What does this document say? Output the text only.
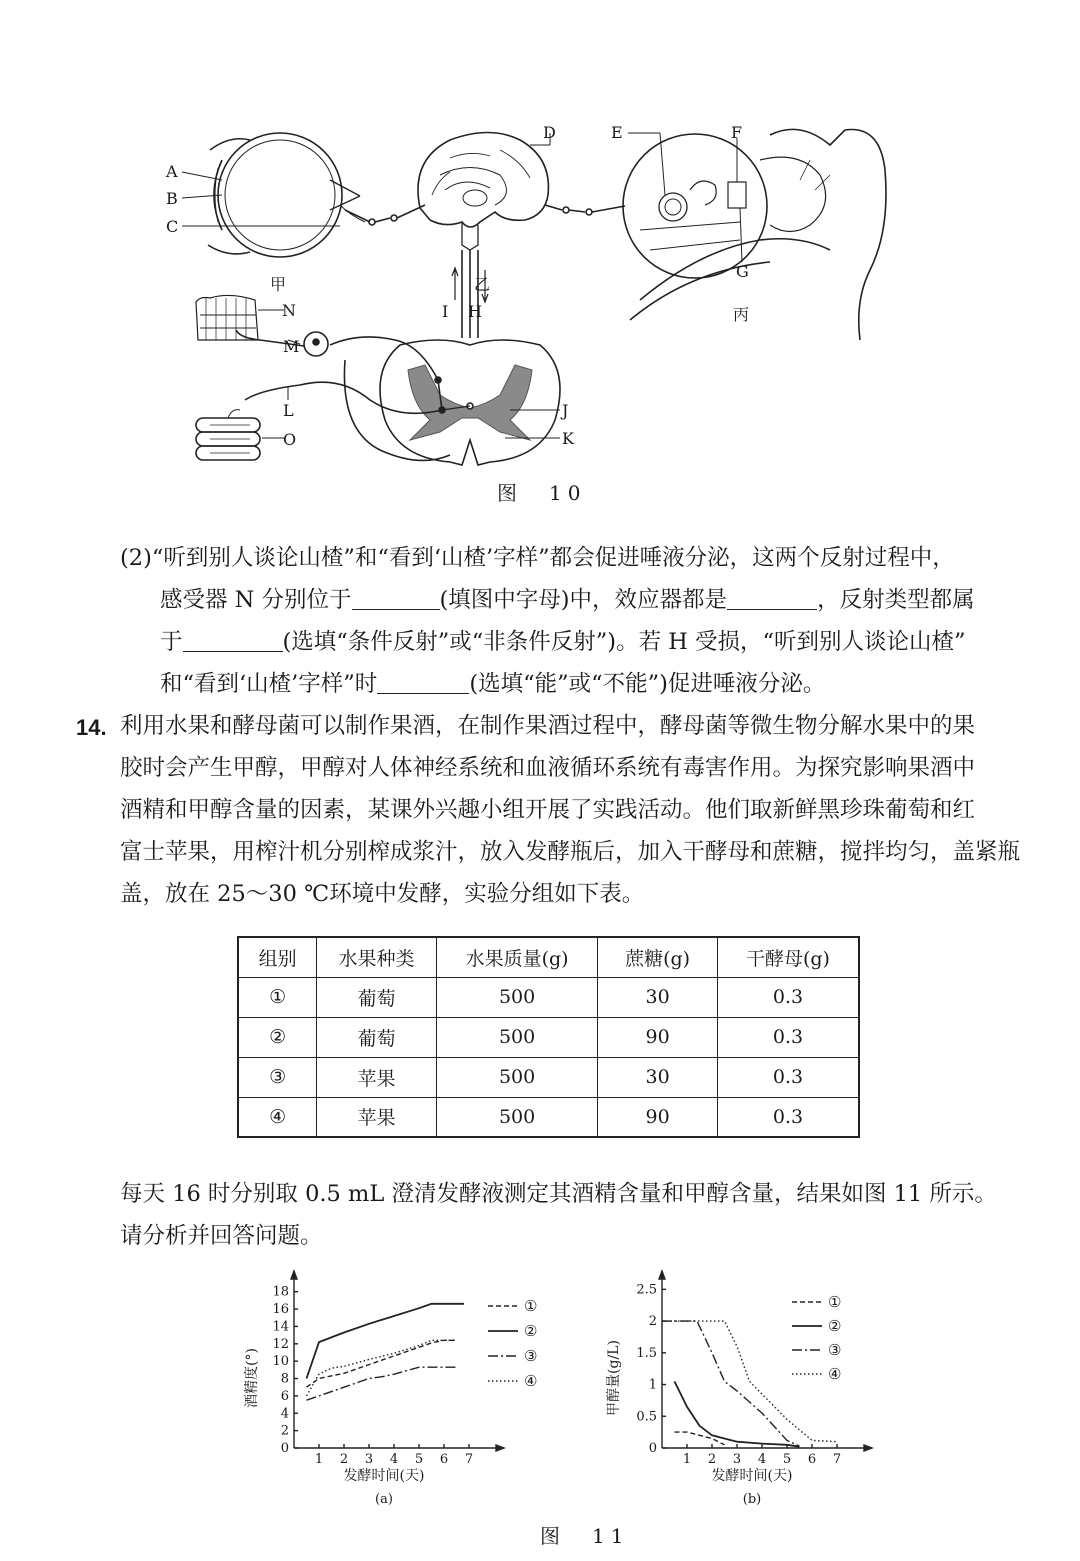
A
B
C
D	E	F
G
I H
乙
N
M
L
O
J
K
甲
丙
图　10
(2)“听到别人谈论山楂”和“看到‘山楂’字样”都会促进唾液分泌，这两个反射过程中，
感受器 N 分别位于	(填图中字母)中，效应器都是	，反射类型都属
于	(选填“条件反射”或“非条件反射”)。若 H 受损，“听到别人谈论山楂”
和“看到‘山楂’字样”时	(选填“能”或“不能”)促进唾液分泌。
14. 利用水果和酵母菌可以制作果酒，在制作果酒过程中，酵母菌等微生物分解水果中的果
胶时会产生甲醇，甲醇对人体神经系统和血液循环系统有毒害作用。为探究影响果酒中
酒精和甲醇含量的因素，某课外兴趣小组开展了实践活动。他们取新鲜黑珍珠葡萄和红
富士苹果，用榨汁机分别榨成浆汁，放入发酵瓶后，加入干酵母和蔗糖，搅拌均匀，盖紧瓶
盖，放在 25～30 ℃环境中发酵，实验分组如下表。
组别	水果种类	水果质量(g)	蔗糖(g)	干酵母(g)
①	葡萄	500	30	0.3
②	葡萄	500	90	0.3
③	苹果	500	30	0.3
④	苹果	500	90	0.3
每天 16 时分别取 0.5 mL 澄清发酵液测定其酒精含量和甲醇含量，结果如图 11 所示。
请分析并回答问题。
1 2 3 4 5 6 7
0
2
4
6
8
10
12
14
16
18
发酵时间(天)
酒精度(°)
(a)
①
②
③
④
1 2 3 4 5 6 7
0
0.5
1
1.5
2
2.5
发酵时间(天)
甲醇量(g/L)
(b)
①
②
③
④
图　11
